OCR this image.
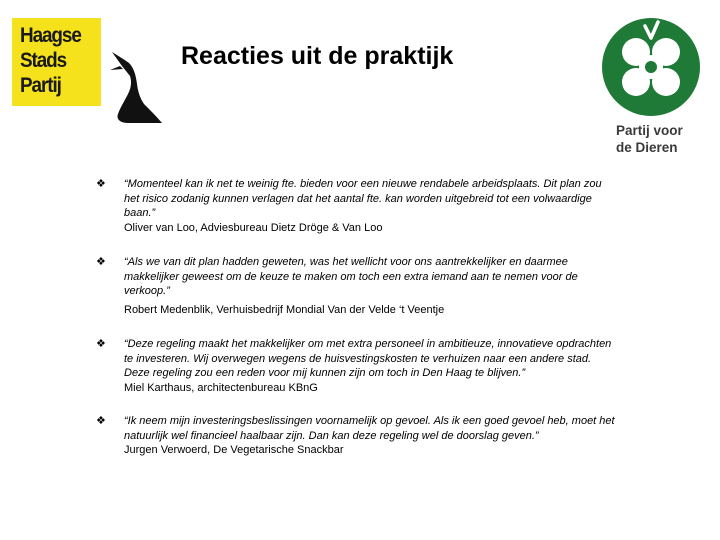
Haagse
Stads
Partij
Reacties uit de praktijk
Partij voor
de Dieren
❖ “Momenteel kan ik net te weinig fte. bieden voor een nieuwe rendabele arbeidsplaats. Dit plan zou het risico zodanig kunnen verlagen dat het aantal fte. kan worden uitgebreid tot een volwaardige baan.”
Oliver van Loo, Adviesbureau Dietz Dröge & Van Loo
❖ “Als we van dit plan hadden geweten, was het wellicht voor ons aantrekkelijker en daarmee makkelijker geweest om de keuze te maken om toch een extra iemand aan te nemen voor de verkoop.”
Robert Medenblik, Verhuisbedrijf Mondial Van der Velde ‘t Veentje
❖ “Deze regeling maakt het makkelijker om met extra personeel in ambitieuze, innovatieve opdrachten te investeren. Wij overwegen wegens de huisvestingskosten te verhuizen naar een andere stad. Deze regeling zou een reden voor mij kunnen zijn om toch in Den Haag te blijven.”
Miel Karthaus, architectenbureau KBnG
❖ “Ik neem mijn investeringsbeslissingen voornamelijk op gevoel. Als ik een goed gevoel heb, moet het natuurlijk wel financieel haalbaar zijn. Dan kan deze regeling wel de doorslag geven.”
Jurgen Verwoerd, De Vegetarische Snackbar
